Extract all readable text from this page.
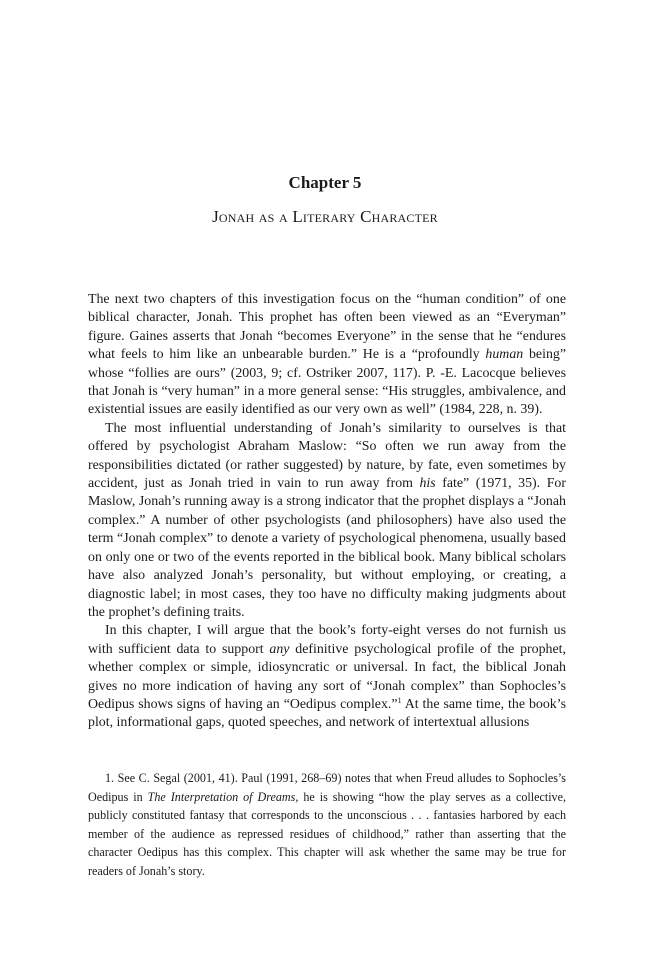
Chapter 5
Jonah as a Literary Character

The next two chapters of this investigation focus on the “human condition” of one biblical character, Jonah. This prophet has often been viewed as an “Everyman” figure. Gaines asserts that Jonah “becomes Everyone” in the sense that he “endures what feels to him like an unbearable burden.” He is a “profoundly human being” whose “follies are ours” (2003, 9; cf. Ostriker 2007, 117). P. -E. Lacocque believes that Jonah is “very human” in a more general sense: “His struggles, ambivalence, and existential issues are easily identified as our very own as well” (1984, 228, n. 39).

The most influential understanding of Jonah’s similarity to ourselves is that offered by psychologist Abraham Maslow: “So often we run away from the responsibilities dictated (or rather suggested) by nature, by fate, even sometimes by accident, just as Jonah tried in vain to run away from his fate” (1971, 35). For Maslow, Jonah’s running away is a strong indicator that the prophet displays a “Jonah complex.” A number of other psychologists (and philosophers) have also used the term “Jonah complex” to denote a variety of psychological phenomena, usually based on only one or two of the events reported in the biblical book. Many biblical scholars have also analyzed Jonah’s personality, but without employing, or creating, a diagnostic label; in most cases, they too have no difficulty making judgments about the prophet’s defining traits.

In this chapter, I will argue that the book’s forty-eight verses do not furnish us with sufficient data to support any definitive psychological profile of the prophet, whether complex or simple, idiosyncratic or universal. In fact, the biblical Jonah gives no more indication of having any sort of “Jonah complex” than Sophocles’s Oedipus shows signs of having an “Oedipus complex.”$^1$ At the same time, the book’s plot, informational gaps, quoted speeches, and network of intertextual allusions

1. See C. Segal (2001, 41). Paul (1991, 268–69) notes that when Freud alludes to Sophocles’s Oedipus in The Interpretation of Dreams, he is showing “how the play serves as a collective, publicly constituted fantasy that corresponds to the unconscious . . . fantasies harbored by each member of the audience as repressed residues of childhood,” rather than asserting that the character Oedipus has this complex. This chapter will ask whether the same may be true for readers of Jonah’s story.
